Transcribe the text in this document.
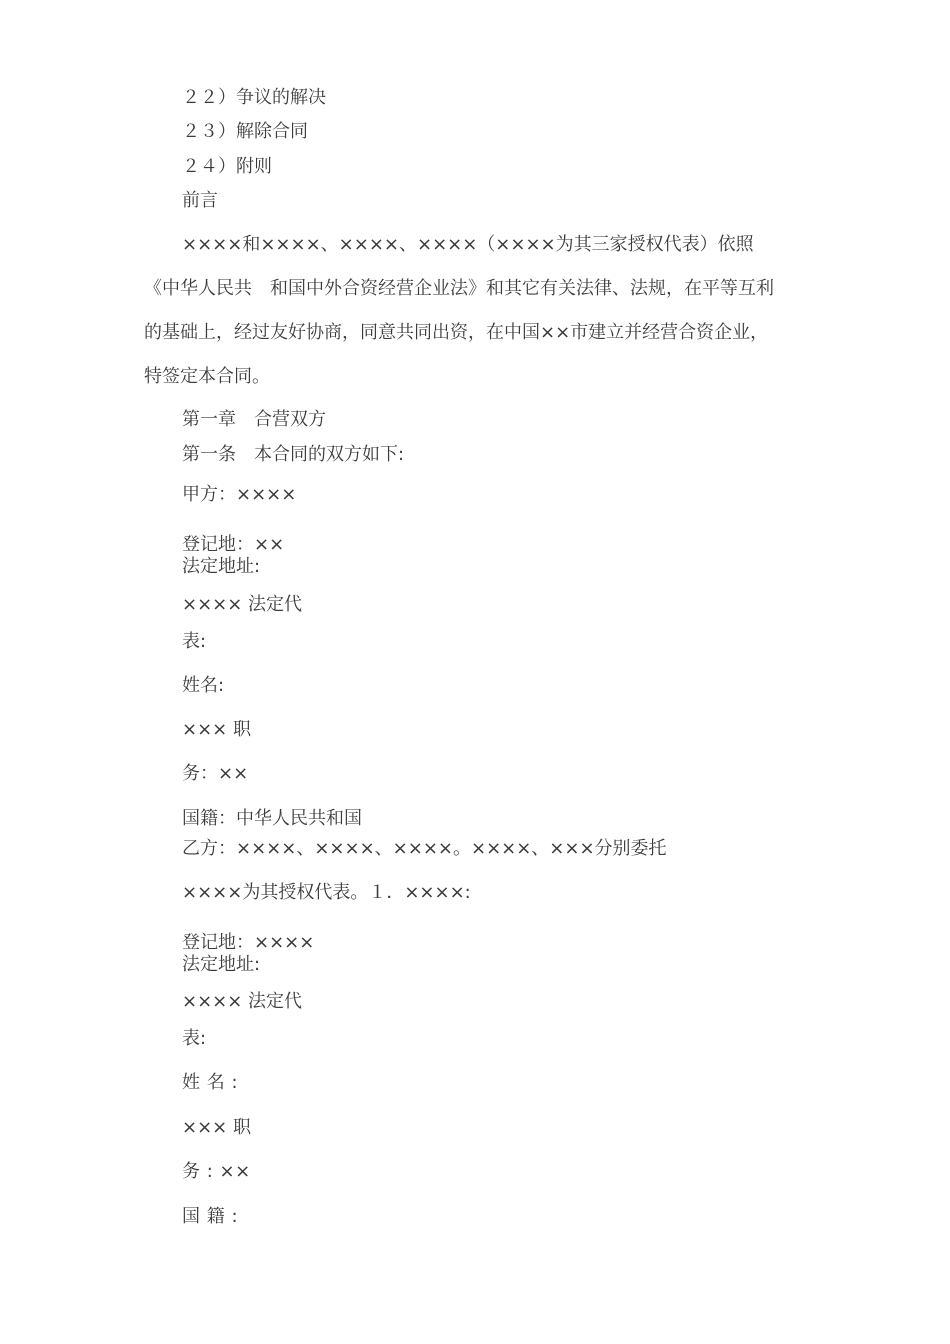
２２）争议的解决

２３）解除合同

２４）附则

前言

××××和××××、××××、××××（××××为其三家授权代表）依照

《中华人民共　和国中外合资经营企业法》和其它有关法律、法规，在平等互利

的基础上，经过友好协商，同意共同出资，在中国××市建立并经营合资企业，

特签定本合同。

第一章　合营双方

第一条　本合同的双方如下:

甲方：××××

登记地：××

法定地址:

×××× 法定代

表:

姓名:

××× 职

务：××

国籍：中华人民共和国

乙方：××××、××××、××××。××××、×××分别委托

××××为其授权代表。１．××××:

登记地：××××

法定地址:

×××× 法定代

表:

姓 名 :

××× 职

务 : ××

国 籍 :
